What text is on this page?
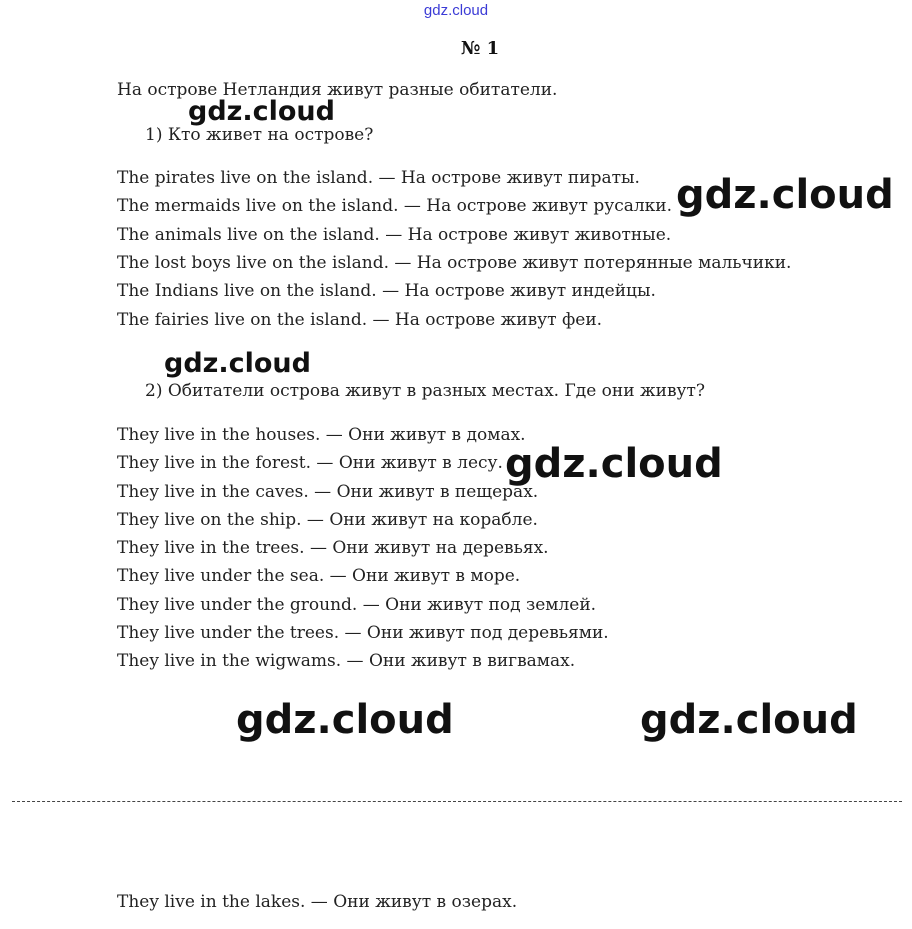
gdz.cloud
№ 1
На острове Нетландия живут разные обитатели.
1) Кто живет на острове?
The pirates live on the island. — На острове живут пираты.
The mermaids live on the island. — На острове живут русалки.
The animals live on the island. — На острове живут животные.
The lost boys live on the island. — На острове живут потерянные мальчики.
The Indians live on the island. — На острове живут индейцы.
The fairies live on the island. — На острове живут феи.
2) Обитатели острова живут в разных местах. Где они живут?
They live in the houses. — Они живут в домах.
They live in the forest. — Они живут в лесу.
They live in the caves. — Они живут в пещерах.
They live on the ship. — Они живут на корабле.
They live in the trees. — Они живут на деревьях.
They live under the sea. — Они живут в море.
They live under the ground. — Они живут под землей.
They live under the trees. — Они живут под деревьями.
They live in the wigwams. — Они живут в вигвамах.
They live in the lakes. — Они живут в озерах.
gdz.cloud
gdz.cloud
gdz.cloud
gdz.cloud
gdz.cloud	gdz.cloud
